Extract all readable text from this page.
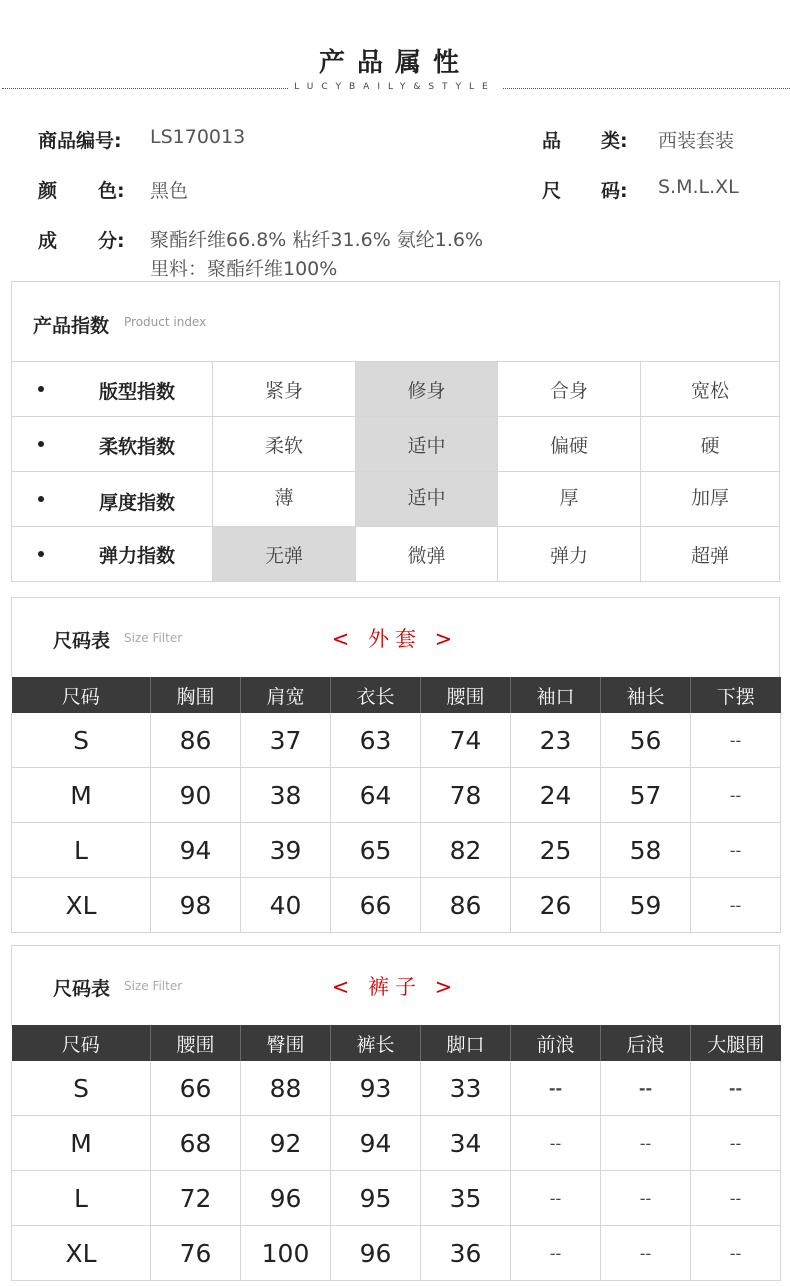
产品属性
LUCYBAILY&STYLE
商品编号: LS170013	品 类: 西装套装
颜 色: 黑色	尺 码: S.M.L.XL
成 分: 聚酯纤维66.8% 粘纤31.6% 氨纶1.6%
里料：聚酯纤维100%
产品指数 Product index
版型指数	紧身	修身	合身	宽松
柔软指数	柔软	适中	偏硬	硬
厚度指数	薄	适中	厚	加厚
弹力指数	无弹	微弹	弹力	超弹
尺码表 Size Filter	< 外套 >
尺码	胸围	肩宽	衣长	腰围	袖口	袖长	下摆
S	86	37	63	74	23	56	--
M	90	38	64	78	24	57	--
L	94	39	65	82	25	58	--
XL	98	40	66	86	26	59	--
尺码表 Size Filter	< 裤子 >
尺码	腰围	臀围	裤长	脚口	前浪	后浪	大腿围
S	66	88	93	33	--	--	--
M	68	92	94	34	--	--	--
L	72	96	95	35	--	--	--
XL	76	100	96	36	--	--	--
